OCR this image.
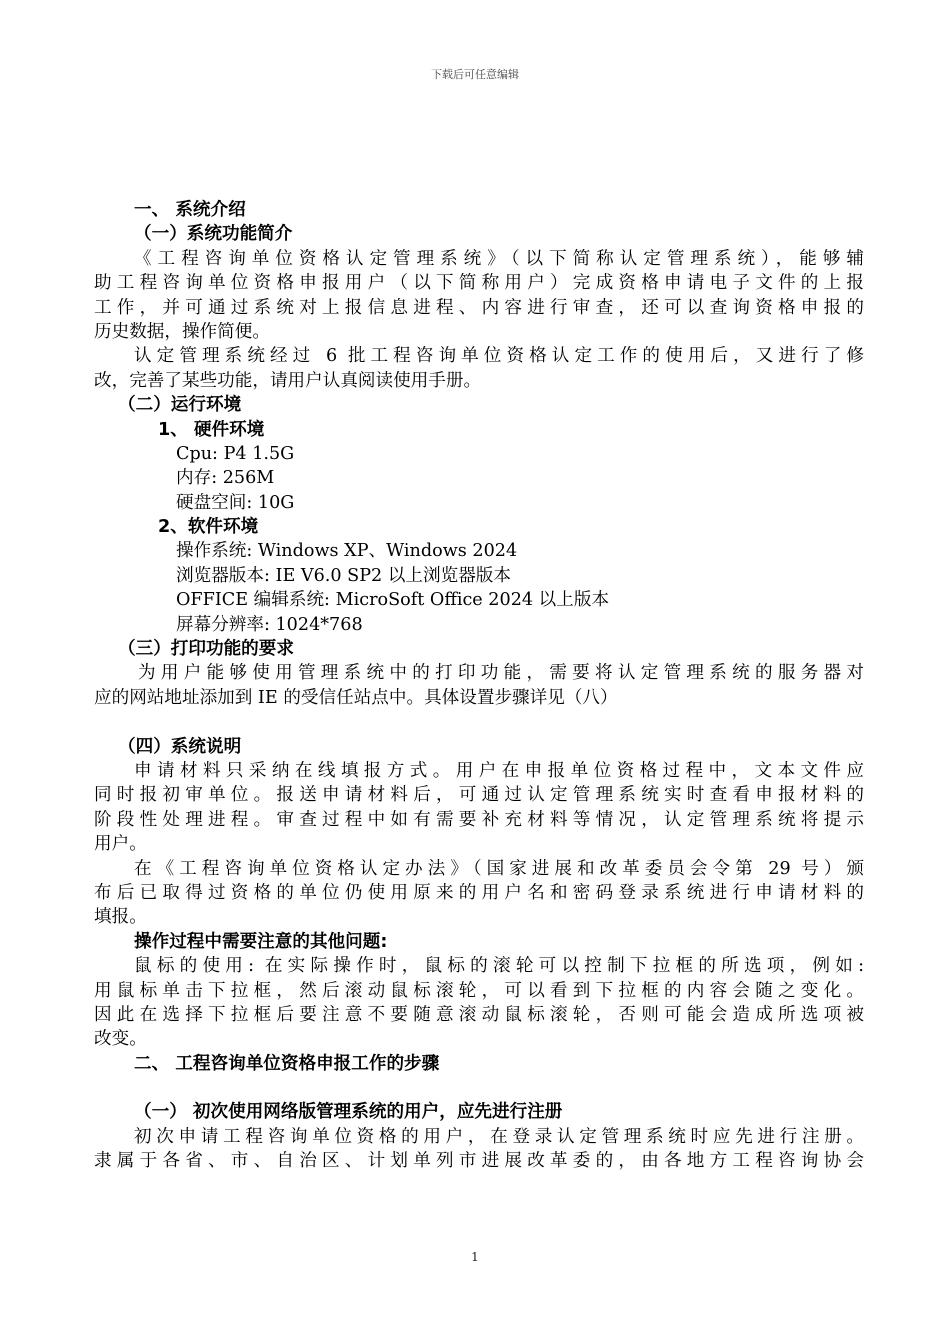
下载后可任意编辑
一、 系统介绍
（一）系统功能简介
《工程咨询单位资格认定管理系统》（以下简称认定管理系统），能够辅
助工程咨询单位资格申报用户（以下简称用户）完成资格申请电子文件的上报
工作，并可通过系统对上报信息进程、内容进行审查，还可以查询资格申报的
历史数据，操作简便。
认定管理系统经过 6 批工程咨询单位资格认定工作的使用后，又进行了修
改，完善了某些功能，请用户认真阅读使用手册。
（二）运行环境
1、 硬件环境
Cpu: P4 1.5G
内存: 256M
硬盘空间: 10G
2、软件环境
操作系统: Windows XP、Windows 2024
浏览器版本: IE V6.0 SP2 以上浏览器版本
OFFICE 编辑系统: MicroSoft Office 2024 以上版本
屏幕分辨率: 1024*768
（三）打印功能的要求
为用户能够使用管理系统中的打印功能，需要将认定管理系统的服务器对
应的网站地址添加到 IE 的受信任站点中。具体设置步骤详见（八）
（四）系统说明
申请材料只采纳在线填报方式。用户在申报单位资格过程中，文本文件应
同时报初审单位。报送申请材料后，可通过认定管理系统实时查看申报材料的
阶段性处理进程。审查过程中如有需要补充材料等情况，认定管理系统将提示
用户。
在《工程咨询单位资格认定办法》（国家进展和改革委员会令第 29 号）颁
布后已取得过资格的单位仍使用原来的用户名和密码登录系统进行申请材料的
填报。
操作过程中需要注意的其他问题:
鼠标的使用: 在实际操作时，鼠标的滚轮可以控制下拉框的所选项，例如:
用鼠标单击下拉框，然后滚动鼠标滚轮，可以看到下拉框的内容会随之变化。
因此在选择下拉框后要注意不要随意滚动鼠标滚轮，否则可能会造成所选项被
改变。
二、 工程咨询单位资格申报工作的步骤
（一） 初次使用网络版管理系统的用户，应先进行注册
初次申请工程咨询单位资格的用户，在登录认定管理系统时应先进行注册。
隶属于各省、市、自治区、计划单列市进展改革委的，由各地方工程咨询协会
1
